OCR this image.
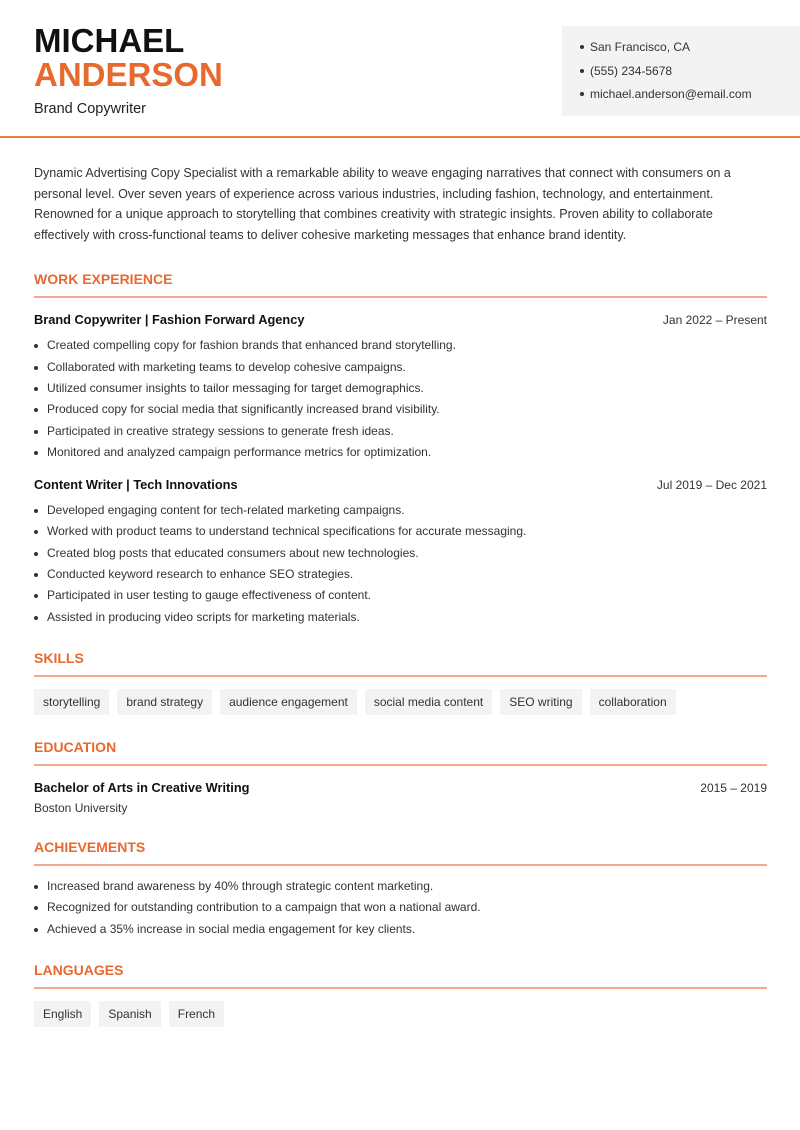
MICHAEL
ANDERSON
Brand Copywriter
San Francisco, CA
(555) 234-5678
michael.anderson@email.com

Dynamic Advertising Copy Specialist with a remarkable ability to weave engaging narratives that connect with consumers on a personal level. Over seven years of experience across various industries, including fashion, technology, and entertainment. Renowned for a unique approach to storytelling that combines creativity with strategic insights. Proven ability to collaborate effectively with cross-functional teams to deliver cohesive marketing messages that enhance brand identity.

WORK EXPERIENCE
Brand Copywriter | Fashion Forward Agency	Jan 2022 – Present
Created compelling copy for fashion brands that enhanced brand storytelling.
Collaborated with marketing teams to develop cohesive campaigns.
Utilized consumer insights to tailor messaging for target demographics.
Produced copy for social media that significantly increased brand visibility.
Participated in creative strategy sessions to generate fresh ideas.
Monitored and analyzed campaign performance metrics for optimization.
Content Writer | Tech Innovations	Jul 2019 – Dec 2021
Developed engaging content for tech-related marketing campaigns.
Worked with product teams to understand technical specifications for accurate messaging.
Created blog posts that educated consumers about new technologies.
Conducted keyword research to enhance SEO strategies.
Participated in user testing to gauge effectiveness of content.
Assisted in producing video scripts for marketing materials.
SKILLS
storytelling	brand strategy	audience engagement	social media content	SEO writing	collaboration
EDUCATION
Bachelor of Arts in Creative Writing	2015 – 2019
Boston University
ACHIEVEMENTS
Increased brand awareness by 40% through strategic content marketing.
Recognized for outstanding contribution to a campaign that won a national award.
Achieved a 35% increase in social media engagement for key clients.
LANGUAGES
English	Spanish	French
